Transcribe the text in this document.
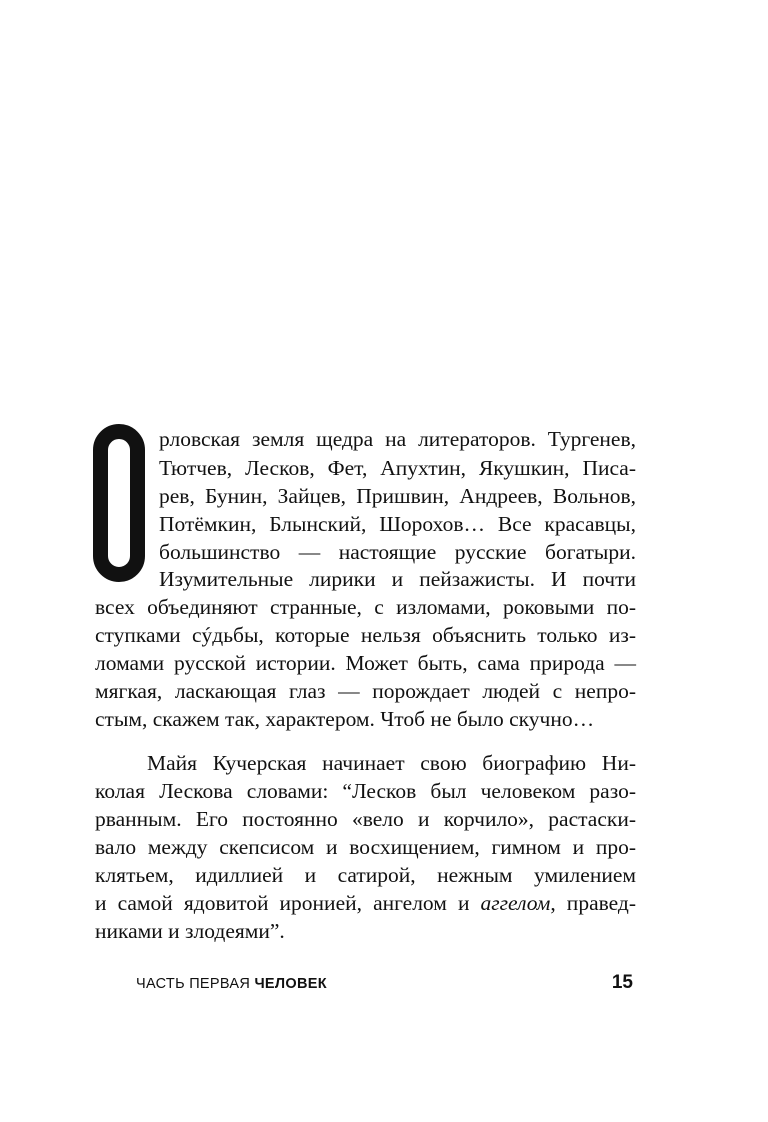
рловская земля щедра на литераторов. Тургенев,
Тютчев, Лесков, Фет, Апухтин, Якушкин, Писа-
рев, Бунин, Зайцев, Пришвин, Андреев, Вольнов,
Потёмкин, Блынский, Шорохов… Все красавцы,
большинство — настоящие русские богатыри.
Изумительные лирики и пейзажисты. И почти
всех объединяют странные, с изломами, роковыми по-
ступками сýдьбы, которые нельзя объяснить только из-
ломами русской истории. Может быть, сама природа —
мягкая, ласкающая глаз — порождает людей с непро-
стым, скажем так, характером. Чтоб не было скучно…
Майя Кучерская начинает свою биографию Ни-
колая Лескова словами: “Лесков был человеком разо-
рванным. Его постоянно «вело и корчило», растаски-
вало между скепсисом и восхищением, гимном и про-
клятьем, идиллией и сатирой, нежным умилением
и самой ядовитой иронией, ангелом и аггелом, правед-
никами и злодеями”.
ЧАСТЬ ПЕРВАЯ ЧЕЛОВЕК	15
